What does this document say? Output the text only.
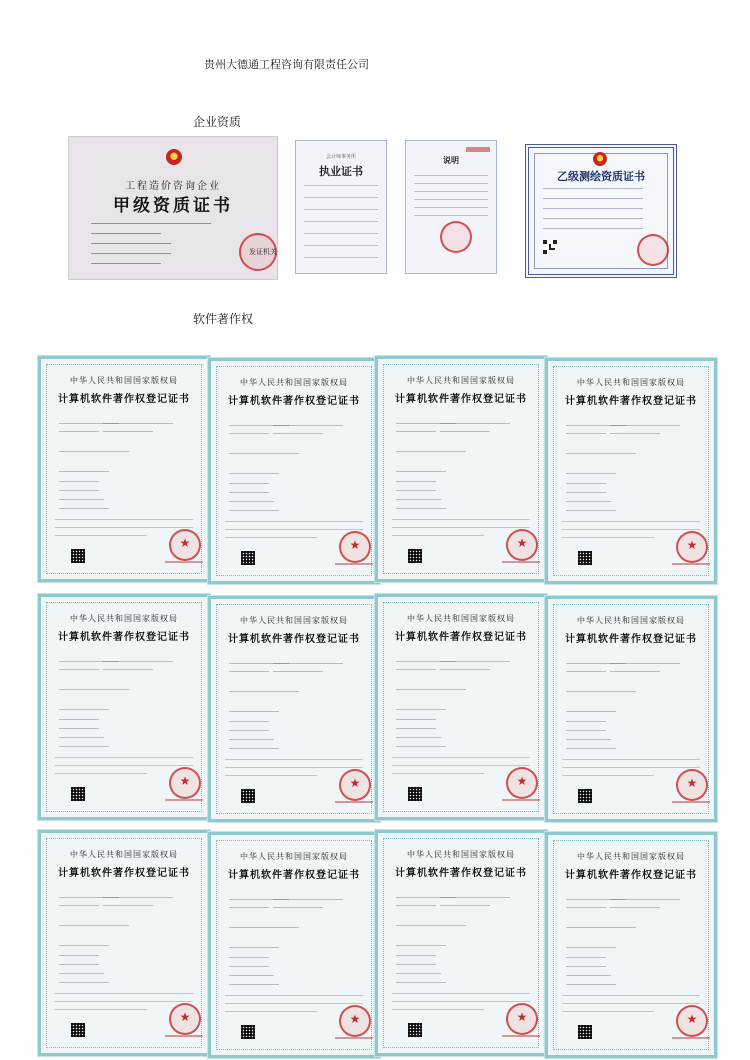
贵州大德通工程咨询有限责任公司
企业资质
工程造价咨询企业
甲级资质证书
发证机关
会计师事务所
执业证书
说明
乙级测绘资质证书
软件著作权
中华人民共和国国家版权局
计算机软件著作权登记证书
★
中华人民共和国国家版权局
计算机软件著作权登记证书
★
中华人民共和国国家版权局
计算机软件著作权登记证书
★
中华人民共和国国家版权局
计算机软件著作权登记证书
★
中华人民共和国国家版权局
计算机软件著作权登记证书
★
中华人民共和国国家版权局
计算机软件著作权登记证书
★
中华人民共和国国家版权局
计算机软件著作权登记证书
★
中华人民共和国国家版权局
计算机软件著作权登记证书
★
中华人民共和国国家版权局
计算机软件著作权登记证书
★
中华人民共和国国家版权局
计算机软件著作权登记证书
★
中华人民共和国国家版权局
计算机软件著作权登记证书
★
中华人民共和国国家版权局
计算机软件著作权登记证书
★
